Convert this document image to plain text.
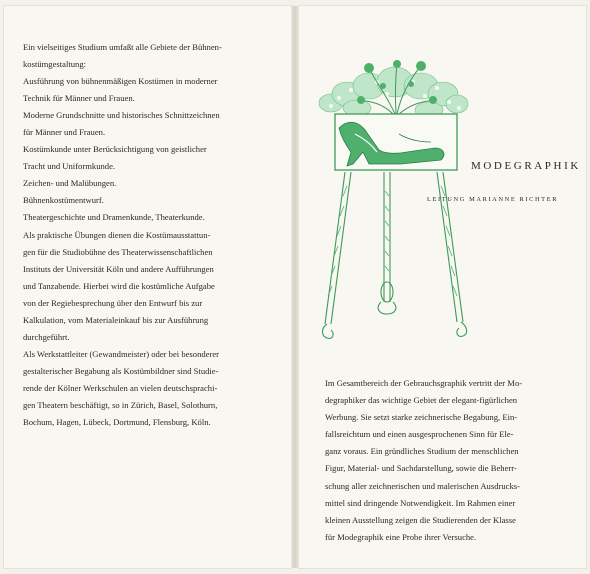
Ein vielseitiges Studium umfaßt alle Gebiete der Bühnen-

kostümgestaltung:

Ausführung von bühnenmäßigen Kostümen in moderner

Technik für Männer und Frauen.

Moderne Grundschnitte und historisches Schnittzeichnen

für Männer und Frauen.

Kostümkunde unter Berücksichtigung von geistlicher

Tracht und Uniformkunde.

Zeichen- und Malübungen.

Bühnenkostümentwurf.

Theatergeschichte und Dramenkunde, Theaterkunde.

Als praktische Übungen dienen die Kostümausstattun-

gen für die Studiobühne des Theaterwissenschaftlichen

Instituts der Universität Köln und andere Aufführungen

und Tanzabende. Hierbei wird die kostümliche Aufgabe

von der Regiebesprechung über den Entwurf bis zur

Kalkulation, vom Materialeinkauf bis zur Ausführung

durchgeführt.

Als Werkstattleiter (Gewandmeister) oder bei besonderer

gestalterischer Begabung als Kostümbildner sind Studie-

rende der Kölner Werkschulen an vielen deutschsprachi-

gen Theatern beschäftigt, so in Zürich, Basel, Solothurn,

Bochum, Hagen, Lübeck, Dortmund, Flensburg, Köln.

MODEGRAPHIK
LEITUNG MARIANNE RICHTER

Im Gesamtbereich der Gebrauchsgraphik vertritt der Mo-

degraphiker das wichtige Gebiet der elegant-figürlichen

Werbung. Sie setzt starke zeichnerische Begabung, Ein-

fallsreichtum und einen ausgesprochenen Sinn für Ele-

ganz voraus. Ein gründliches Studium der menschlichen

Figur, Material- und Sachdarstellung, sowie die Beherr-

schung aller zeichnerischen und malerischen Ausdrucks-

mittel sind dringende Notwendigkeit. Im Rahmen einer

kleinen Ausstellung zeigen die Studierenden der Klasse

für Modegraphik eine Probe ihrer Versuche.
